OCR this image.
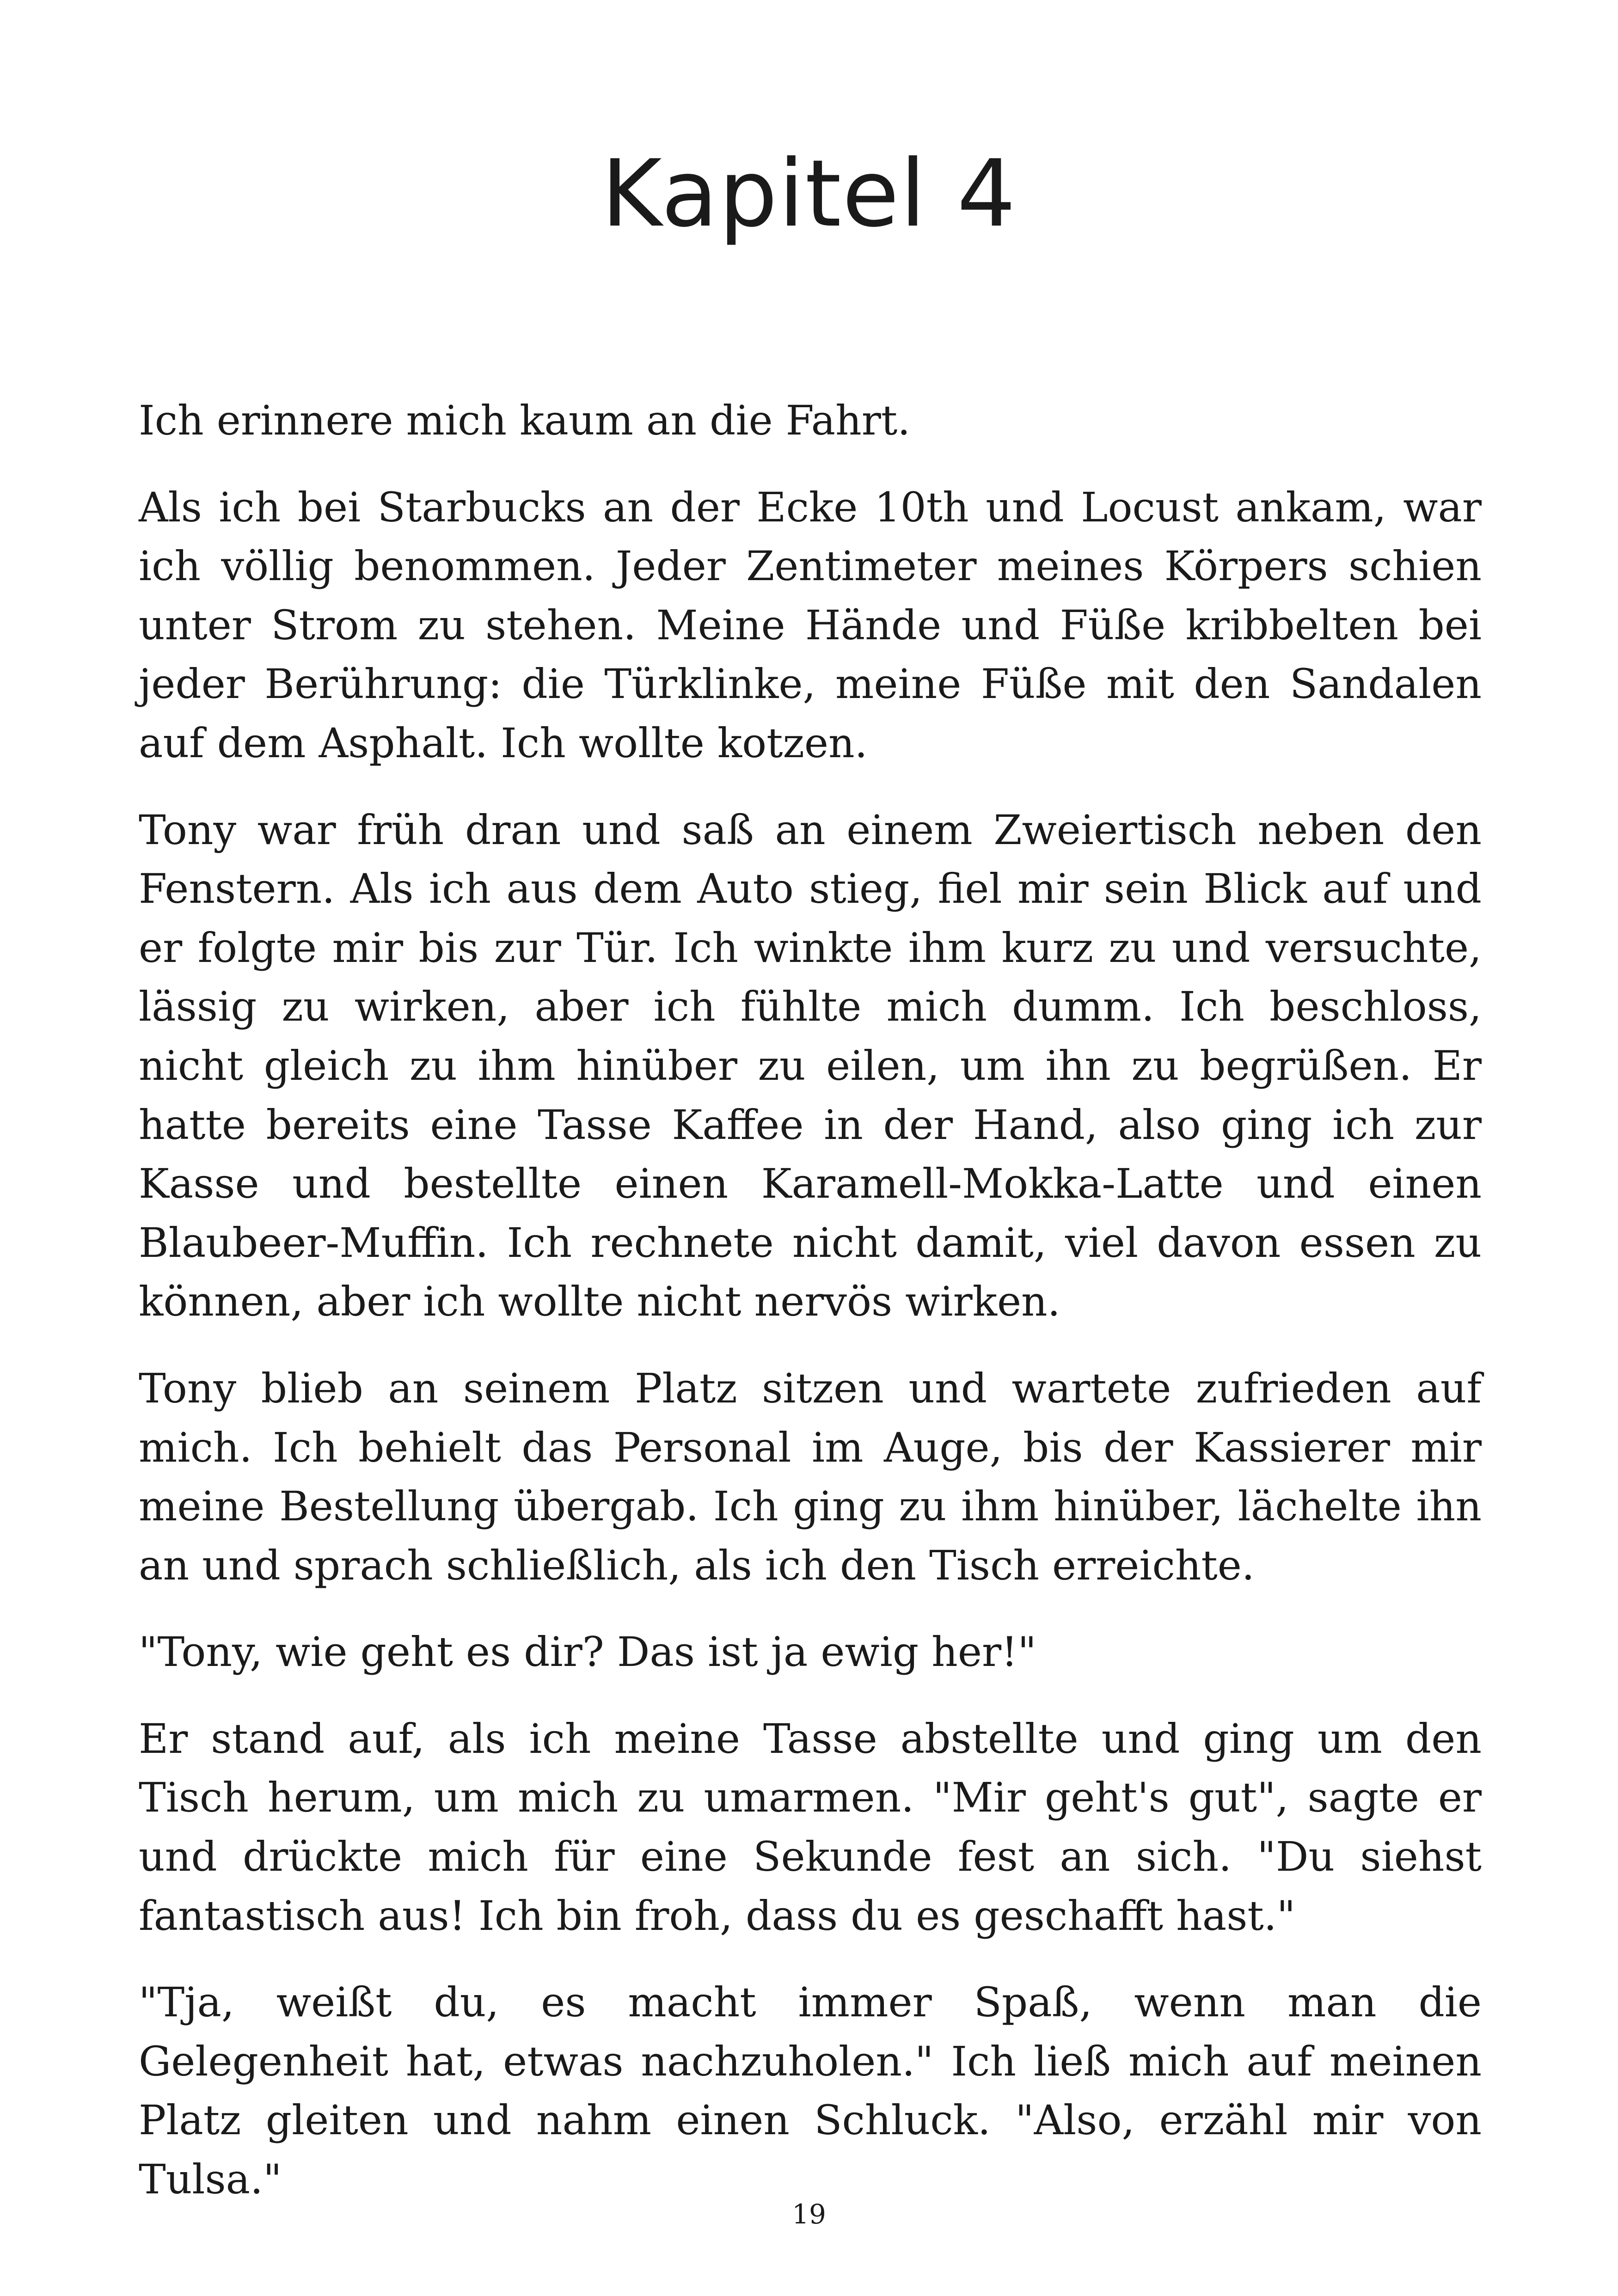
Kapitel 4

Ich erinnere mich kaum an die Fahrt.

Als ich bei Starbucks an der Ecke 10th und Locust ankam, war ich völlig benommen. Jeder Zentimeter meines Körpers schien unter Strom zu stehen. Meine Hände und Füße kribbelten bei jeder Berührung: die Türklinke, meine Füße mit den Sandalen auf dem Asphalt. Ich wollte kotzen.

Tony war früh dran und saß an einem Zweiertisch neben den Fenstern. Als ich aus dem Auto stieg, fiel mir sein Blick auf und er folgte mir bis zur Tür. Ich winkte ihm kurz zu und versuchte, lässig zu wirken, aber ich fühlte mich dumm. Ich beschloss, nicht gleich zu ihm hinüber zu eilen, um ihn zu begrüßen. Er hatte bereits eine Tasse Kaffee in der Hand, also ging ich zur Kasse und bestellte einen Karamell-Mokka-Latte und einen Blaubeer-Muffin. Ich rechnete nicht damit, viel davon essen zu können, aber ich wollte nicht nervös wirken.

Tony blieb an seinem Platz sitzen und wartete zufrieden auf mich. Ich behielt das Personal im Auge, bis der Kassierer mir meine Bestellung übergab. Ich ging zu ihm hinüber, lächelte ihn an und sprach schließlich, als ich den Tisch erreichte.

"Tony, wie geht es dir? Das ist ja ewig her!"

Er stand auf, als ich meine Tasse abstellte und ging um den Tisch herum, um mich zu umarmen. "Mir geht's gut", sagte er und drückte mich für eine Sekunde fest an sich. "Du siehst fantastisch aus! Ich bin froh, dass du es geschafft hast."

"Tja, weißt du, es macht immer Spaß, wenn man die Gelegenheit hat, etwas nachzuholen." Ich ließ mich auf meinen Platz gleiten und nahm einen Schluck. "Also, erzähl mir von Tulsa."

19
